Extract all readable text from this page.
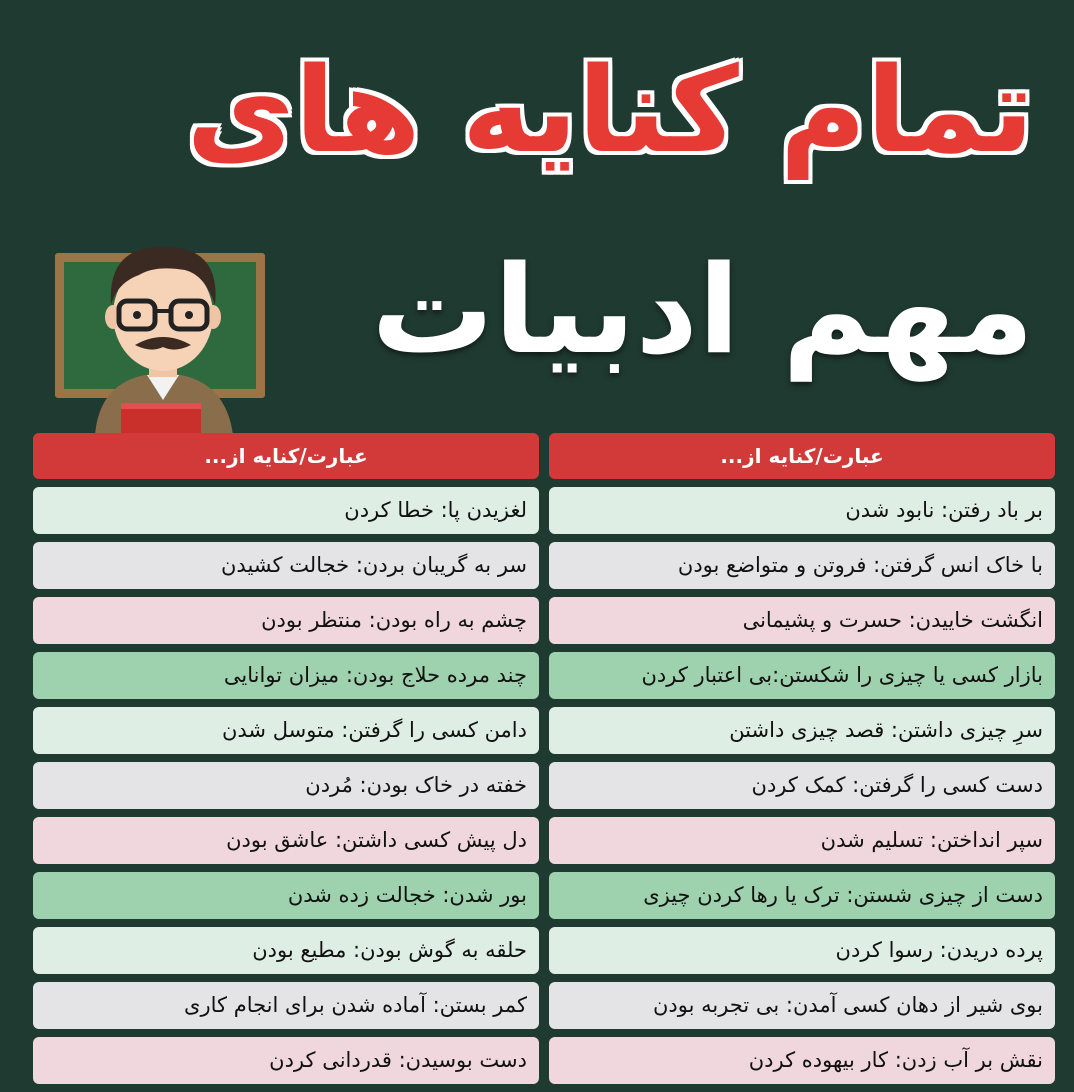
تمام کنایه های
مهم ادبیات
عبارت/کنایه از...	عبارت/کنایه از...
لغزیدن پا: خطا کردن	بر باد رفتن: نابود شدن
سر به گریبان بردن: خجالت کشیدن	با خاک انس گرفتن: فروتن و متواضع بودن
چشم به راه بودن: منتظر بودن	انگشت خاییدن: حسرت و پشیمانی
چند مرده حلاج بودن: میزان توانایی	بازار کسی یا چیزی را شکستن:بی اعتبار کردن
دامن کسی را گرفتن: متوسل شدن	سرِ چیزی داشتن: قصد چیزی داشتن
خفته در خاک بودن: مُردن	دست کسی را گرفتن: کمک کردن
دل پیش کسی داشتن: عاشق بودن	سپر انداختن: تسلیم شدن
بور شدن: خجالت زده شدن	دست از چیزی شستن: ترک یا رها کردن چیزی
حلقه به گوش بودن: مطیع بودن	پرده دریدن: رسوا کردن
کمر بستن: آماده شدن برای انجام کاری	بوی شیر از دهان کسی آمدن: بی تجربه بودن
دست بوسیدن: قدردانی کردن	نقش بر آب زدن: کار بیهوده کردن
